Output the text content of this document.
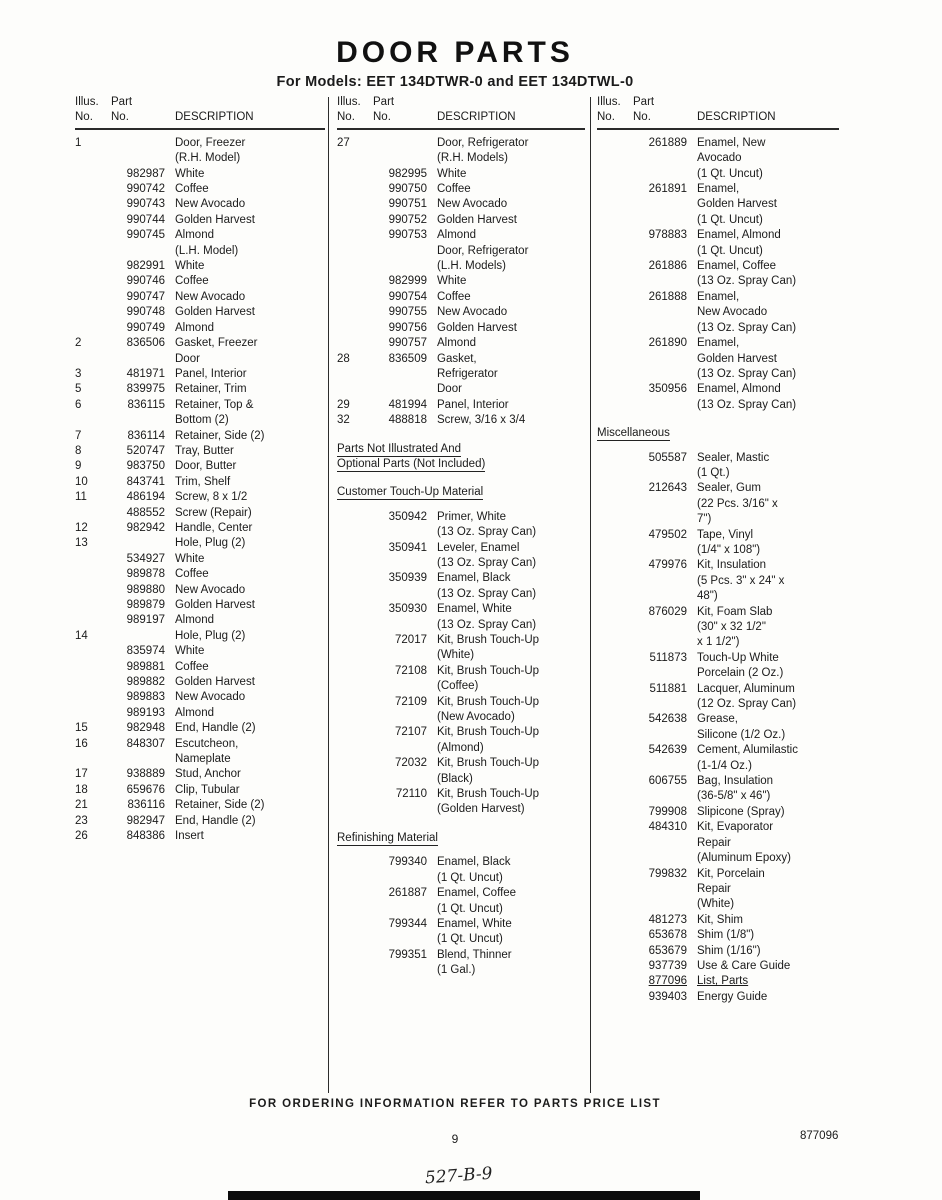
DOOR PARTS
For Models: EET 134DTWR-0 and EET 134DTWL-0
Illus.	Part
No.	No.	DESCRIPTION
1	Door, Freezer
(R.H. Model)
982987 White
990742 Coffee
990743 New Avocado
990744 Golden Harvest
990745 Almond
(L.H. Model)
982991 White
990746 Coffee
990747 New Avocado
990748 Golden Harvest
990749 Almond
2	836506 Gasket, Freezer
Door
3	481971 Panel, Interior
5	839975 Retainer, Trim
6	836115 Retainer, Top &
Bottom (2)
7	836114 Retainer, Side (2)
8	520747 Tray, Butter
9	983750 Door, Butter
10	843741 Trim, Shelf
11	486194 Screw, 8 x 1/2
488552 Screw (Repair)
12	982942 Handle, Center
13	Hole, Plug (2)
534927 White
989878 Coffee
989880 New Avocado
989879 Golden Harvest
989197 Almond
14	Hole, Plug (2)
835974 White
989881 Coffee
989882 Golden Harvest
989883 New Avocado
989193 Almond
15	982948 End, Handle (2)
16	848307 Escutcheon,
Nameplate
17	938889 Stud, Anchor
18	659676 Clip, Tubular
21	836116 Retainer, Side (2)
23	982947 End, Handle (2)
26	848386 Insert
Illus.	Part
No.	No.	DESCRIPTION
27	Door, Refrigerator
(R.H. Models)
982995 White
990750 Coffee
990751 New Avocado
990752 Golden Harvest
990753 Almond
Door, Refrigerator
(L.H. Models)
982999 White
990754 Coffee
990755 New Avocado
990756 Golden Harvest
990757 Almond
28	836509 Gasket,
Refrigerator
Door
29	481994 Panel, Interior
32	488818 Screw, 3/16 x 3/4
Parts Not Illustrated And
Optional Parts (Not Included)
Customer Touch-Up Material
350942 Primer, White
(13 Oz. Spray Can)
350941 Leveler, Enamel
(13 Oz. Spray Can)
350939 Enamel, Black
(13 Oz. Spray Can)
350930 Enamel, White
(13 Oz. Spray Can)
72017 Kit, Brush Touch-Up
(White)
72108 Kit, Brush Touch-Up
(Coffee)
72109 Kit, Brush Touch-Up
(New Avocado)
72107 Kit, Brush Touch-Up
(Almond)
72032 Kit, Brush Touch-Up
(Black)
72110 Kit, Brush Touch-Up
(Golden Harvest)
Refinishing Material
799340 Enamel, Black
(1 Qt. Uncut)
261887 Enamel, Coffee
(1 Qt. Uncut)
799344 Enamel, White
(1 Qt. Uncut)
799351 Blend, Thinner
(1 Gal.)
Illus.	Part
No.	No.	DESCRIPTION
261889 Enamel, New
Avocado
(1 Qt. Uncut)
261891 Enamel,
Golden Harvest
(1 Qt. Uncut)
978883 Enamel, Almond
(1 Qt. Uncut)
261886 Enamel, Coffee
(13 Oz. Spray Can)
261888 Enamel,
New Avocado
(13 Oz. Spray Can)
261890 Enamel,
Golden Harvest
(13 Oz. Spray Can)
350956 Enamel, Almond
(13 Oz. Spray Can)
Miscellaneous
505587 Sealer, Mastic
(1 Qt.)
212643 Sealer, Gum
(22 Pcs. 3/16" x
7")
479502 Tape, Vinyl
(1/4" x 108")
479976 Kit, Insulation
(5 Pcs. 3" x 24" x
48")
876029 Kit, Foam Slab
(30" x 32 1/2"
x 1 1/2")
511873 Touch-Up White
Porcelain (2 Oz.)
511881 Lacquer, Aluminum
(12 Oz. Spray Can)
542638 Grease,
Silicone (1/2 Oz.)
542639 Cement, Alumilastic
(1-1/4 Oz.)
606755 Bag, Insulation
(36-5/8" x 46")
799908 Slipicone (Spray)
484310 Kit, Evaporator
Repair
(Aluminum Epoxy)
799832 Kit, Porcelain
Repair
(White)
481273 Kit, Shim
653678 Shim (1/8")
653679 Shim (1/16")
937739 Use & Care Guide
877096 List, Parts
939403 Energy Guide
FOR ORDERING INFORMATION REFER TO PARTS PRICE LIST
9	877096
527-B-9
